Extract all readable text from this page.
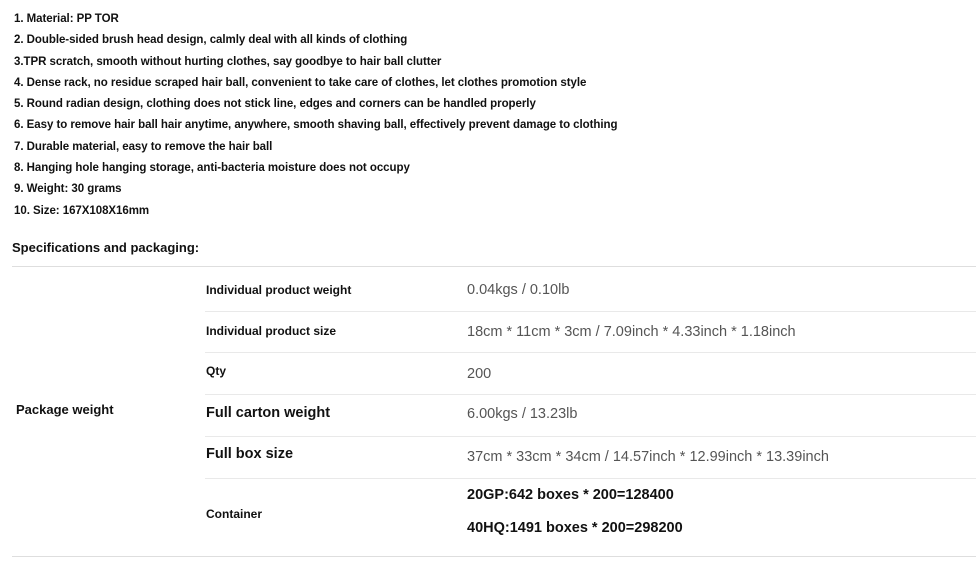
1. Material: PP TOR
2. Double-sided brush head design, calmly deal with all kinds of clothing
3.TPR scratch, smooth without hurting clothes, say goodbye to hair ball clutter
4. Dense rack, no residue scraped hair ball, convenient to take care of clothes, let clothes promotion style
5. Round radian design, clothing does not stick line, edges and corners can be handled properly
6. Easy to remove hair ball hair anytime, anywhere, smooth shaving ball, effectively prevent damage to clothing
7. Durable material, easy to remove the hair ball
8. Hanging hole hanging storage, anti-bacteria moisture does not occupy
9. Weight: 30 grams
10. Size: 167X108X16mm
Specifications and packaging:
Package weight
Individual product weight	0.04kgs / 0.10lb
Individual product size	18cm * 11cm * 3cm / 7.09inch * 4.33inch * 1.18inch
Qty	200
Full carton weight	6.00kgs / 13.23lb
Full box size	37cm * 33cm * 34cm / 14.57inch * 12.99inch * 13.39inch
Container
20GP:642 boxes * 200=128400
40HQ:1491 boxes * 200=298200
